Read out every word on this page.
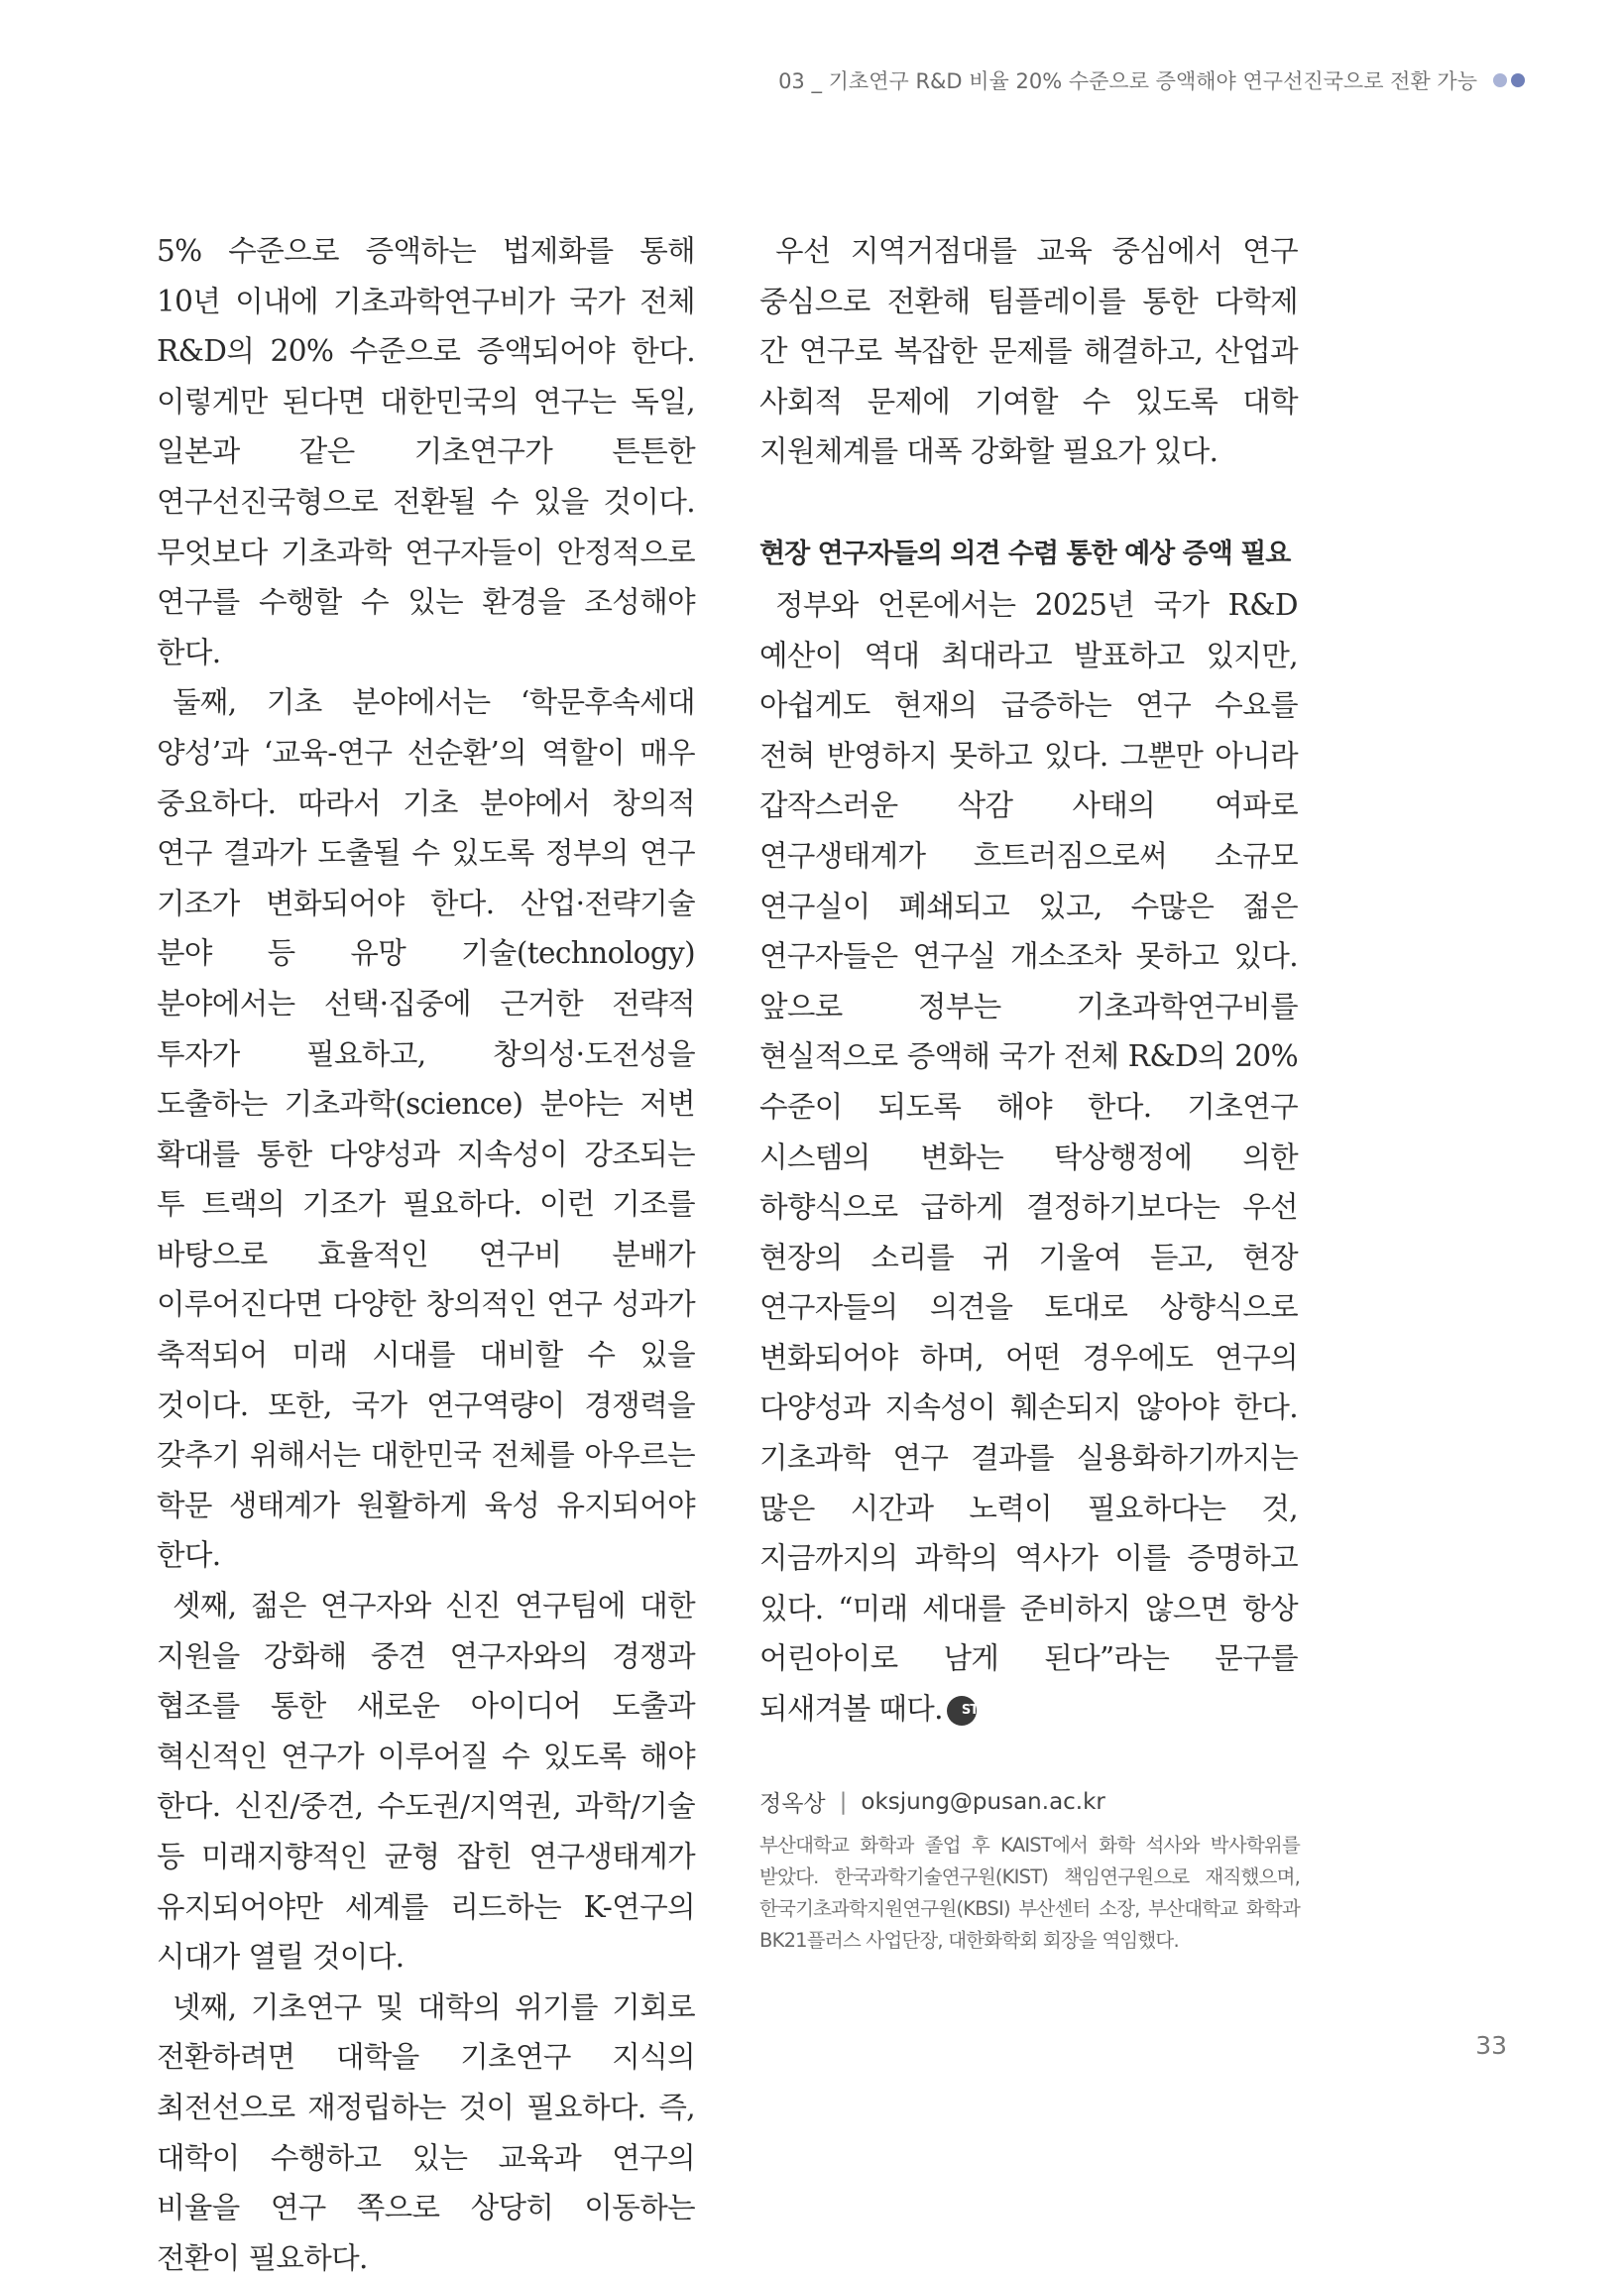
03 _ 기초연구 R&D 비율 20% 수준으로 증액해야 연구선진국으로 전환 가능

5% 수준으로 증액하는 법제화를 통해 10년 이내에 기초과학연구비가 국가 전체 R&D의 20% 수준으로 증액되어야 한다. 이렇게만 된다면 대한민국의 연구는 독일, 일본과 같은 기초연구가 튼튼한 연구선진국형으로 전환될 수 있을 것이다. 무엇보다 기초과학 연구자들이 안정적으로 연구를 수행할 수 있는 환경을 조성해야 한다.

둘째, 기초 분야에서는 ‘학문후속세대 양성’과 ‘교육-연구 선순환’의 역할이 매우 중요하다. 따라서 기초 분야에서 창의적 연구 결과가 도출될 수 있도록 정부의 연구 기조가 변화되어야 한다. 산업·전략기술 분야 등 유망 기술(technology) 분야에서는 선택·집중에 근거한 전략적 투자가 필요하고, 창의성·도전성을 도출하는 기초과학(science) 분야는 저변 확대를 통한 다양성과 지속성이 강조되는 투 트랙의 기조가 필요하다. 이런 기조를 바탕으로 효율적인 연구비 분배가 이루어진다면 다양한 창의적인 연구 성과가 축적되어 미래 시대를 대비할 수 있을 것이다. 또한, 국가 연구역량이 경쟁력을 갖추기 위해서는 대한민국 전체를 아우르는 학문 생태계가 원활하게 육성 유지되어야 한다.

셋째, 젊은 연구자와 신진 연구팀에 대한 지원을 강화해 중견 연구자와의 경쟁과 협조를 통한 새로운 아이디어 도출과 혁신적인 연구가 이루어질 수 있도록 해야 한다. 신진/중견, 수도권/지역권, 과학/기술 등 미래지향적인 균형 잡힌 연구생태계가 유지되어야만 세계를 리드하는 K-연구의 시대가 열릴 것이다.

넷째, 기초연구 및 대학의 위기를 기회로 전환하려면 대학을 기초연구 지식의 최전선으로 재정립하는 것이 필요하다. 즉, 대학이 수행하고 있는 교육과 연구의 비율을 연구 쪽으로 상당히 이동하는 전환이 필요하다.

우선 지역거점대를 교육 중심에서 연구 중심으로 전환해 팀플레이를 통한 다학제 간 연구로 복잡한 문제를 해결하고, 산업과 사회적 문제에 기여할 수 있도록 대학 지원체계를 대폭 강화할 필요가 있다.

현장 연구자들의 의견 수렴 통한 예상 증액 필요

정부와 언론에서는 2025년 국가 R&D 예산이 역대 최대라고 발표하고 있지만, 아쉽게도 현재의 급증하는 연구 수요를 전혀 반영하지 못하고 있다. 그뿐만 아니라 갑작스러운 삭감 사태의 여파로 연구생태계가 흐트러짐으로써 소규모 연구실이 폐쇄되고 있고, 수많은 젊은 연구자들은 연구실 개소조차 못하고 있다. 앞으로 정부는 기초과학연구비를 현실적으로 증액해 국가 전체 R&D의 20% 수준이 되도록 해야 한다. 기초연구 시스템의 변화는 탁상행정에 의한 하향식으로 급하게 결정하기보다는 우선 현장의 소리를 귀 기울여 듣고, 현장 연구자들의 의견을 토대로 상향식으로 변화되어야 하며, 어떤 경우에도 연구의 다양성과 지속성이 훼손되지 않아야 한다. 기초과학 연구 결과를 실용화하기까지는 많은 시간과 노력이 필요하다는 것, 지금까지의 과학의 역사가 이를 증명하고 있다. “미래 세대를 준비하지 않으면 항상 어린아이로 남게 된다”라는 문구를 되새겨볼 때다. ST

정옥상 | oksjung@pusan.ac.kr

부산대학교 화학과 졸업 후 KAIST에서 화학 석사와 박사학위를 받았다. 한국과학기술연구원(KIST) 책임연구원으로 재직했으며, 한국기초과학지원연구원(KBSI) 부산센터 소장, 부산대학교 화학과 BK21플러스 사업단장, 대한화학회 회장을 역임했다.

33
